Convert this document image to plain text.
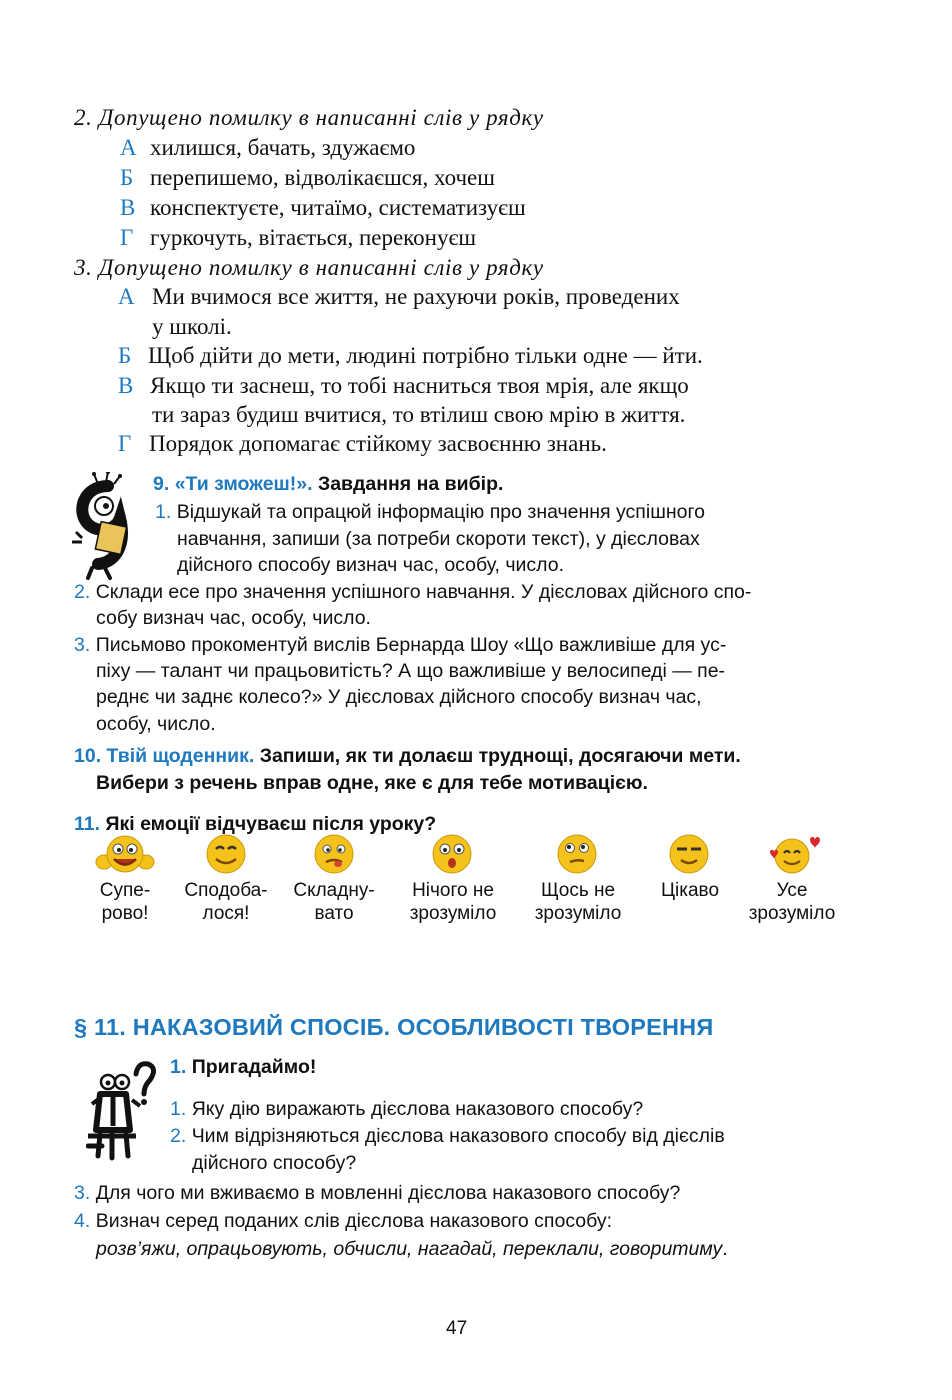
2. Допущено помилку в написанні слів у рядку
А хилишся, бачать, здужаємо
Б перепишемо, відволікаєшся, хочеш
В конспектуєте, читаїмо, систематизуєш
Г гуркочуть, вітається, переконуєш
3. Допущено помилку в написанні слів у рядку
А Ми вчимося все життя, не рахуючи років, проведених
у школі.
Б Щоб дійти до мети, людині потрібно тільки одне — йти.
В Якщо ти заснеш, то тобі насниться твоя мрія, але якщо
ти зараз будиш вчитися, то втілиш свою мрію в життя.
Г Порядок допомагає стійкому засвоєнню знань.
9. «Ти зможеш!». Завдання на вибір.
1. Відшукай та опрацюй інформацію про значення успішного
навчання, запиши (за потреби скороти текст), у дієсловах
дійсного способу визнач час, особу, число.
2. Склади есе про значення успішного навчання. У дієсловах дійсного спо-
собу визнач час, особу, число.
3. Письмово прокоментуй вислів Бернарда Шоу «Що важливіше для ус-
піху — талант чи працьовитість? А що важливіше у велосипеді — пе-
реднє чи заднє колесо?» У дієсловах дійсного способу визнач час,
особу, число.
10. Твій щоденник. Запиши, як ти долаєш труднощі, досягаючи мети.
Вибери з речень вправ одне, яке є для тебе мотивацією.
11. Які емоції відчуваєш після уроку?
Супе-
рово!
Сподоба-
лося!
Складну-
вато
Нічого не
зрозуміло
Щось не
зрозуміло
Цікаво	Усе
зрозуміло
§ 11. НАКАЗОВИЙ СПОСІБ. ОСОБЛИВОСТІ ТВОРЕННЯ
1. Пригадаймо!
1. Яку дію виражають дієслова наказового способу?
2. Чим відрізняються дієслова наказового способу від дієслів
дійсного способу?
3. Для чого ми вживаємо в мовленні дієслова наказового способу?
4. Визнач серед поданих слів дієслова наказового способу:
розв’яжи, опрацьовують, обчисли, нагадай, переклали, говоритиму.
47
